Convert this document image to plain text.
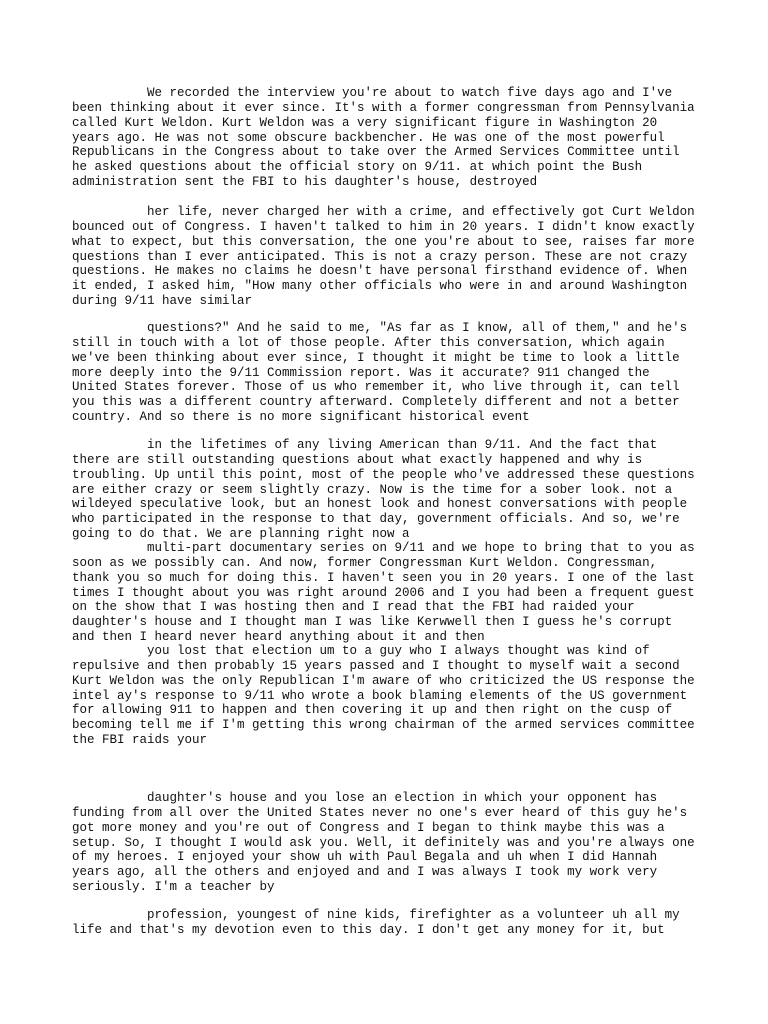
We recorded the interview you're about to watch five days ago and I've
been thinking about it ever since. It's with a former congressman from Pennsylvania
called Kurt Weldon. Kurt Weldon was a very significant figure in Washington 20
years ago. He was not some obscure backbencher. He was one of the most powerful
Republicans in the Congress about to take over the Armed Services Committee until
he asked questions about the official story on 9/11. at which point the Bush
administration sent the FBI to his daughter's house, destroyed

her life, never charged her with a crime, and effectively got Curt Weldon
bounced out of Congress. I haven't talked to him in 20 years. I didn't know exactly
what to expect, but this conversation, the one you're about to see, raises far more
questions than I ever anticipated. This is not a crazy person. These are not crazy
questions. He makes no claims he doesn't have personal firsthand evidence of. When
it ended, I asked him, "How many other officials who were in and around Washington
during 9/11 have similar

questions?" And he said to me, "As far as I know, all of them," and he's
still in touch with a lot of those people. After this conversation, which again
we've been thinking about ever since, I thought it might be time to look a little
more deeply into the 9/11 Commission report. Was it accurate? 911 changed the
United States forever. Those of us who remember it, who live through it, can tell
you this was a different country afterward. Completely different and not a better
country. And so there is no more significant historical event

in the lifetimes of any living American than 9/11. And the fact that
there are still outstanding questions about what exactly happened and why is
troubling. Up until this point, most of the people who've addressed these questions
are either crazy or seem slightly crazy. Now is the time for a sober look. not a
wildeyed speculative look, but an honest look and honest conversations with people
who participated in the response to that day, government officials. And so, we're
going to do that. We are planning right now a

multi-part documentary series on 9/11 and we hope to bring that to you as
soon as we possibly can. And now, former Congressman Kurt Weldon. Congressman,
thank you so much for doing this. I haven't seen you in 20 years. I one of the last
times I thought about you was right around 2006 and I you had been a frequent guest
on the show that I was hosting then and I read that the FBI had raided your
daughter's house and I thought man I was like Kerwwell then I guess he's corrupt
and then I heard never heard anything about it and then

you lost that election um to a guy who I always thought was kind of
repulsive and then probably 15 years passed and I thought to myself wait a second
Kurt Weldon was the only Republican I'm aware of who criticized the US response the
intel ay's response to 9/11 who wrote a book blaming elements of the US government
for allowing 911 to happen and then covering it up and then right on the cusp of
becoming tell me if I'm getting this wrong chairman of the armed services committee
the FBI raids your

daughter's house and you lose an election in which your opponent has
funding from all over the United States never no one's ever heard of this guy he's
got more money and you're out of Congress and I began to think maybe this was a
setup. So, I thought I would ask you. Well, it definitely was and you're always one
of my heroes. I enjoyed your show uh with Paul Begala and uh when I did Hannah
years ago, all the others and enjoyed and and I was always I took my work very
seriously. I'm a teacher by

profession, youngest of nine kids, firefighter as a volunteer uh all my
life and that's my devotion even to this day. I don't get any money for it, but
